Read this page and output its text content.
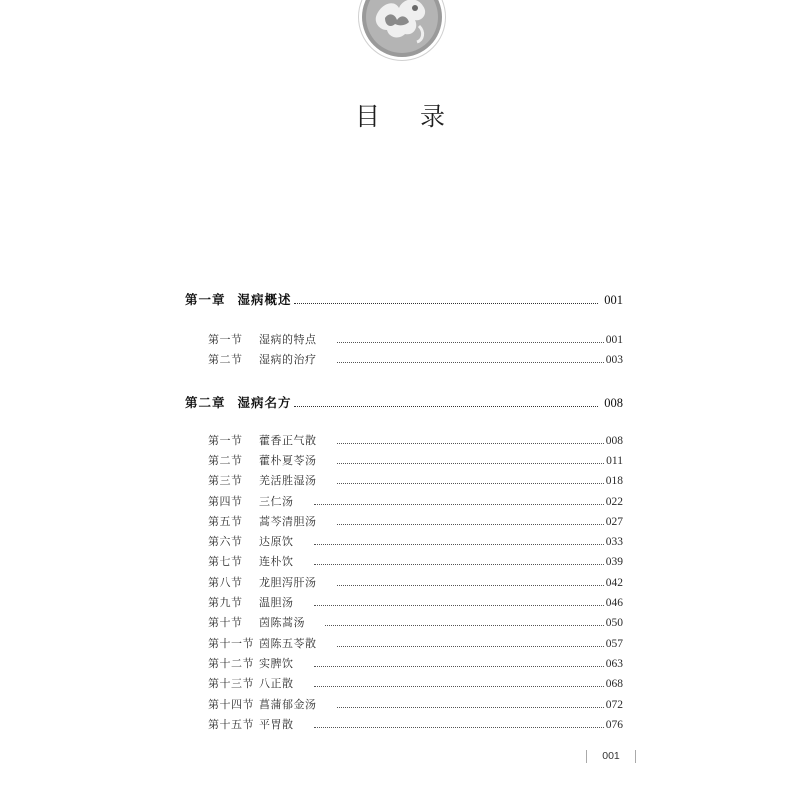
目 录
第一章 湿病概述	001
第一节	湿病的特点	001
第二节	湿病的治疗	003
第二章 湿病名方	008
第一节	藿香正气散	008
第二节	藿朴夏苓汤	011
第三节	羌活胜湿汤	018
第四节	三仁汤	022
第五节	蒿芩清胆汤	027
第六节	达原饮	033
第七节	连朴饮	039
第八节	龙胆泻肝汤	042
第九节	温胆汤	046
第十节	茵陈蒿汤	050
第十一节 茵陈五苓散	057
第十二节 实脾饮	063
第十三节 八正散	068
第十四节 菖蒲郁金汤	072
第十五节 平胃散	076
001
